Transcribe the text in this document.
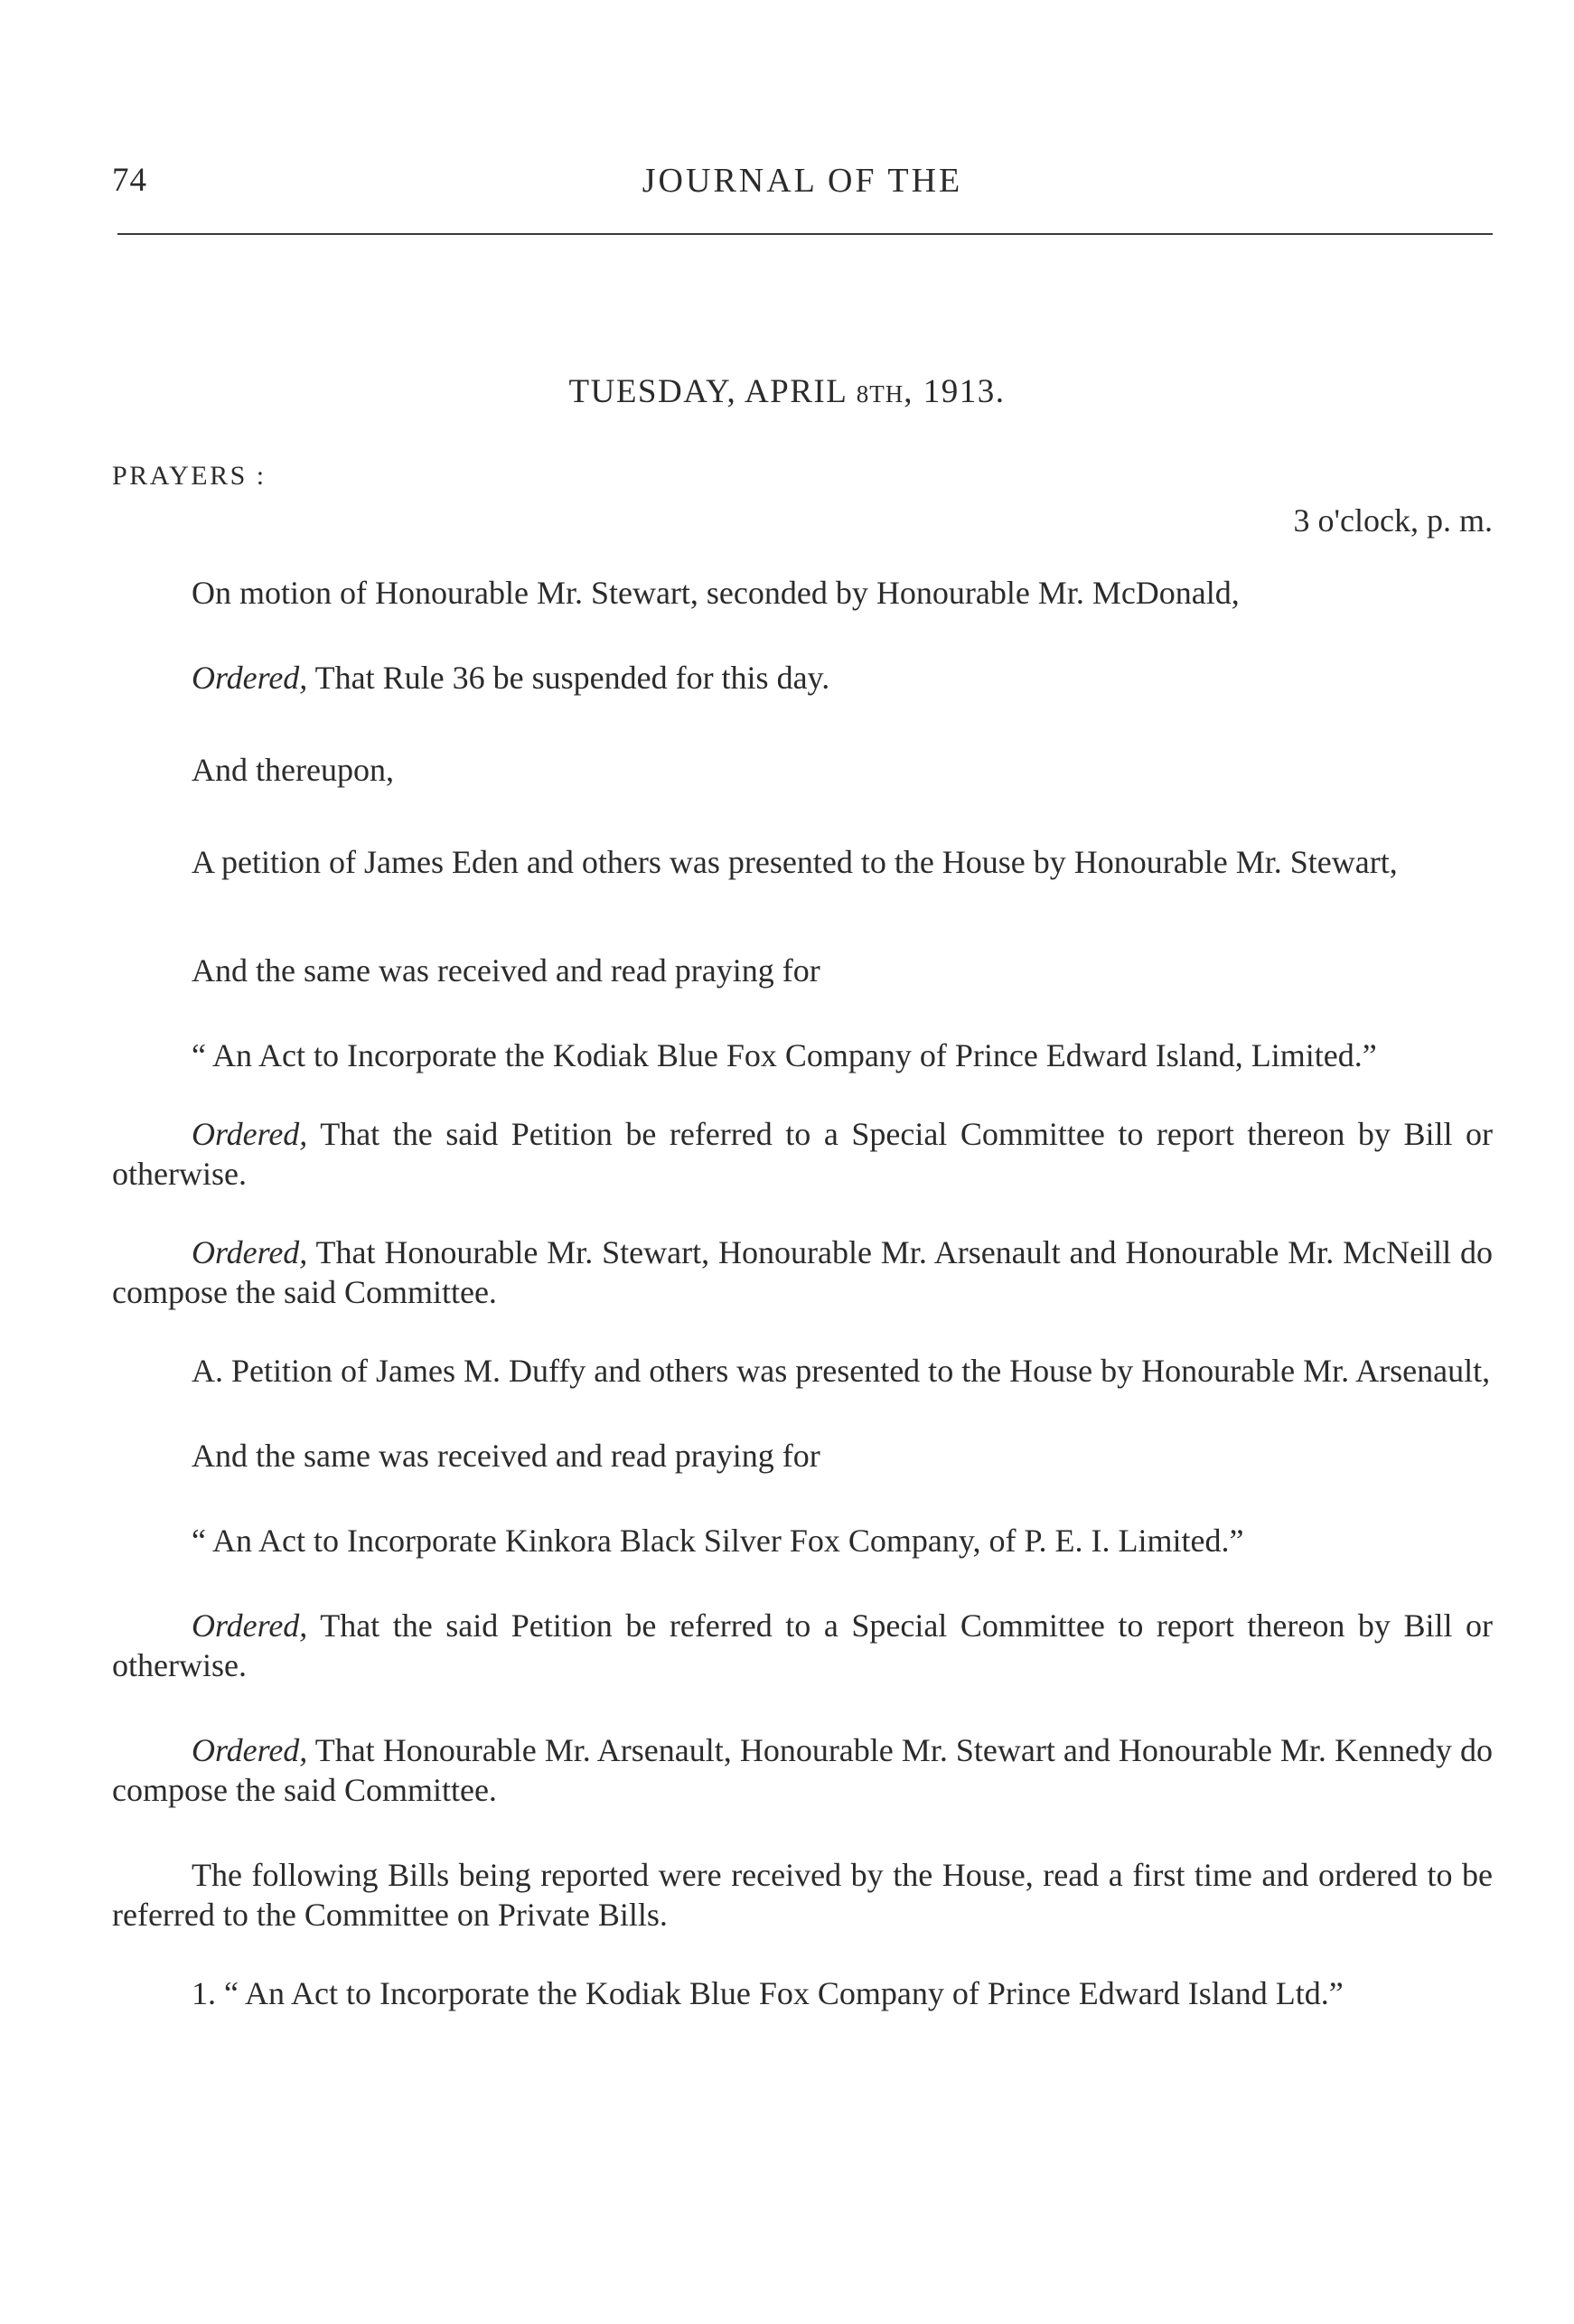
74	JOURNAL OF THE
TUESDAY, APRIL 8TH, 1913.
PRAYERS :
3 o'clock, p. m.

On motion of Honourable Mr. Stewart, seconded by Honourable Mr. McDonald,

Ordered, That Rule 36 be suspended for this day.

And thereupon,

A petition of James Eden and others was presented to the House by Honourable Mr. Stewart,

And the same was received and read praying for

“ An Act to Incorporate the Kodiak Blue Fox Company of Prince Edward Island, Limited.”

Ordered, That the said Petition be referred to a Special Committee to report thereon by Bill or otherwise.

Ordered, That Honourable Mr. Stewart, Honourable Mr. Arsenault and Honourable Mr. McNeill do compose the said Committee.

A. Petition of James M. Duffy and others was presented to the House by Honourable Mr. Arsenault,

And the same was received and read praying for

“ An Act to Incorporate Kinkora Black Silver Fox Company, of P. E. I. Limited.”

Ordered, That the said Petition be referred to a Special Committee to report thereon by Bill or otherwise.

Ordered, That Honourable Mr. Arsenault, Honourable Mr. Stewart and Honourable Mr. Kennedy do compose the said Committee.

The following Bills being reported were received by the House, read a first time and ordered to be referred to the Committee on Private Bills.

1. “ An Act to Incorporate the Kodiak Blue Fox Company of Prince Edward Island Ltd.”
